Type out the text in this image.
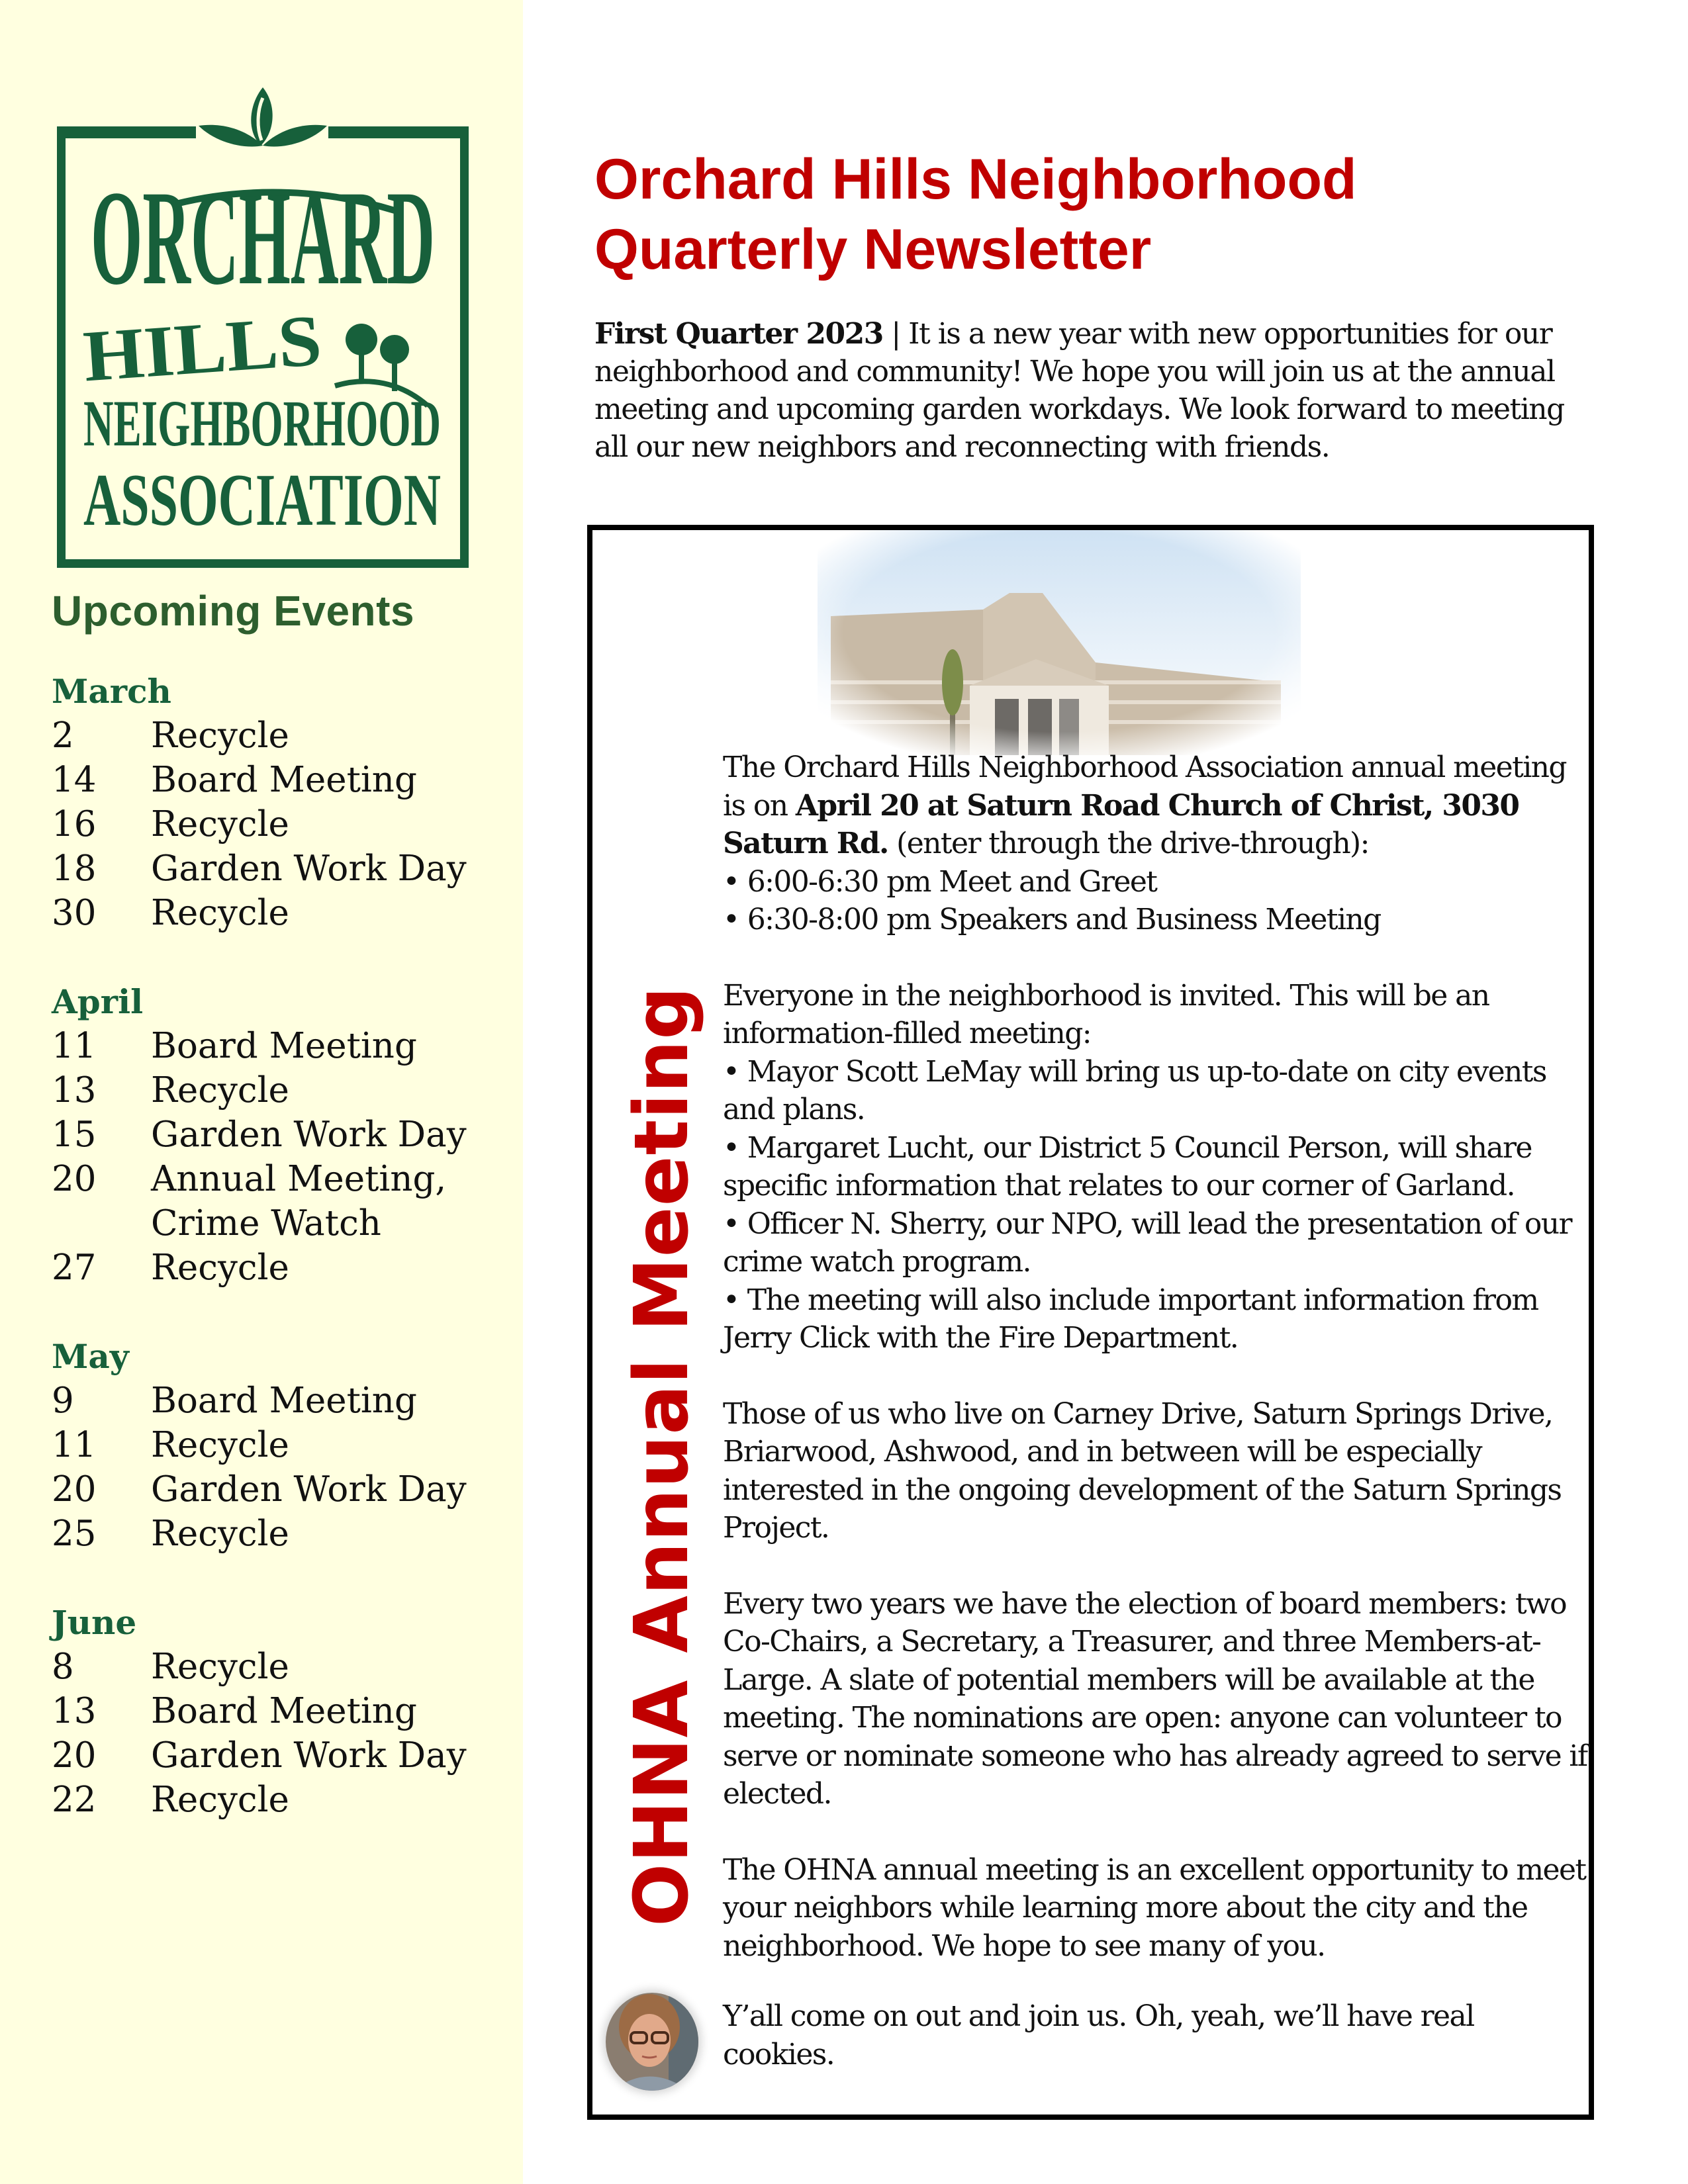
ORCHARD
HILLS
NEIGHBORHOOD
ASSOCIATION
Upcoming Events
March
2	Recycle
14	Board Meeting
16	Recycle
18	Garden Work Day
30	Recycle
April
11	Board Meeting
13	Recycle
15	Garden Work Day
20	Annual Meeting,
Crime Watch
27	Recycle
May
9	Board Meeting
11	Recycle
20	Garden Work Day
25	Recycle
June
8	Recycle
13	Board Meeting
20	Garden Work Day
22	Recycle
Orchard Hills Neighborhood
Quarterly Newsletter

First Quarter 2023 | It is a new year with new opportunities for our neighborhood and community! We hope you will join us at the annual meeting and upcoming garden workdays. We look forward to meeting all our new neighbors and reconnecting with friends.

OHNA Annual Meeting

The Orchard Hills Neighborhood Association annual meeting is on April 20 at Saturn Road Church of Christ, 3030 Saturn Rd. (enter through the drive-through):
• 6:00-6:30 pm Meet and Greet
• 6:30-8:00 pm Speakers and Business Meeting

Everyone in the neighborhood is invited. This will be an information-filled meeting:
• Mayor Scott LeMay will bring us up-to-date on city events and plans.
• Margaret Lucht, our District 5 Council Person, will share specific information that relates to our corner of Garland.
• Officer N. Sherry, our NPO, will lead the presentation of our crime watch program.
• The meeting will also include important information from Jerry Click with the Fire Department.

Those of us who live on Carney Drive, Saturn Springs Drive, Briarwood, Ashwood, and in between will be especially interested in the ongoing development of the Saturn Springs Project.

Every two years we have the election of board members: two Co-Chairs, a Secretary, a Treasurer, and three Members-at-Large. A slate of potential members will be available at the meeting. The nominations are open: anyone can volunteer to serve or nominate someone who has already agreed to serve if elected.

The OHNA annual meeting is an excellent opportunity to meet your neighbors while learning more about the city and the neighborhood. We hope to see many of you.

Y’all come on out and join us. Oh, yeah, we’ll have real cookies.
